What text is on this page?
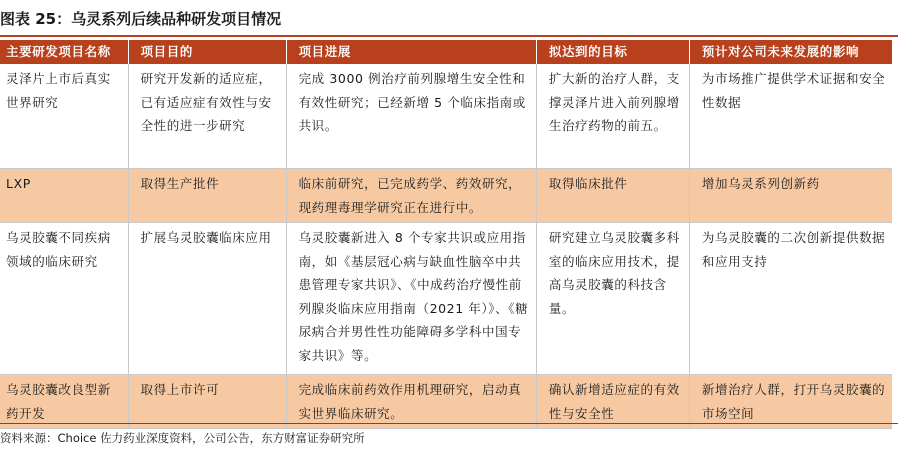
图表 25：乌灵系列后续品种研发项目情况
主要研发项目名称	项目目的	项目进展	拟达到的目标	预计对公司未来发展的影响
灵泽片上市后真实世界研究	研究开发新的适应症，已有适应症有效性与安全性的进一步研究	完成 3000 例治疗前列腺增生安全性和有效性研究；已经新增 5 个临床指南或共识。	扩大新的治疗人群，支撑灵泽片进入前列腺增生治疗药物的前五。	为市场推广提供学术证据和安全性数据
LXP	取得生产批件	临床前研究，已完成药学、药效研究，现药理毒理学研究正在进行中。	取得临床批件	增加乌灵系列创新药
乌灵胶囊不同疾病领域的临床研究	扩展乌灵胶囊临床应用	乌灵胶囊新进入 8 个专家共识或应用指南，如《基层冠心病与缺血性脑卒中共患管理专家共识》、《中成药治疗慢性前列腺炎临床应用指南（2021 年）》、《糖尿病合并男性性功能障碍多学科中国专家共识》等。	研究建立乌灵胶囊多科 室的临床应用技术，提高乌灵胶囊的科技含量。	为乌灵胶囊的二次创新提供数据和应用支持
乌灵胶囊改良型新药开发	取得上市许可	完成临床前药效作用机理研究，启动真实世界临床研究。	确认新增适应症的有效性与安全性	新增治疗人群，打开乌灵胶囊的市场空间
资料来源：Choice 佐力药业深度资料，公司公告，东方财富证券研究所
